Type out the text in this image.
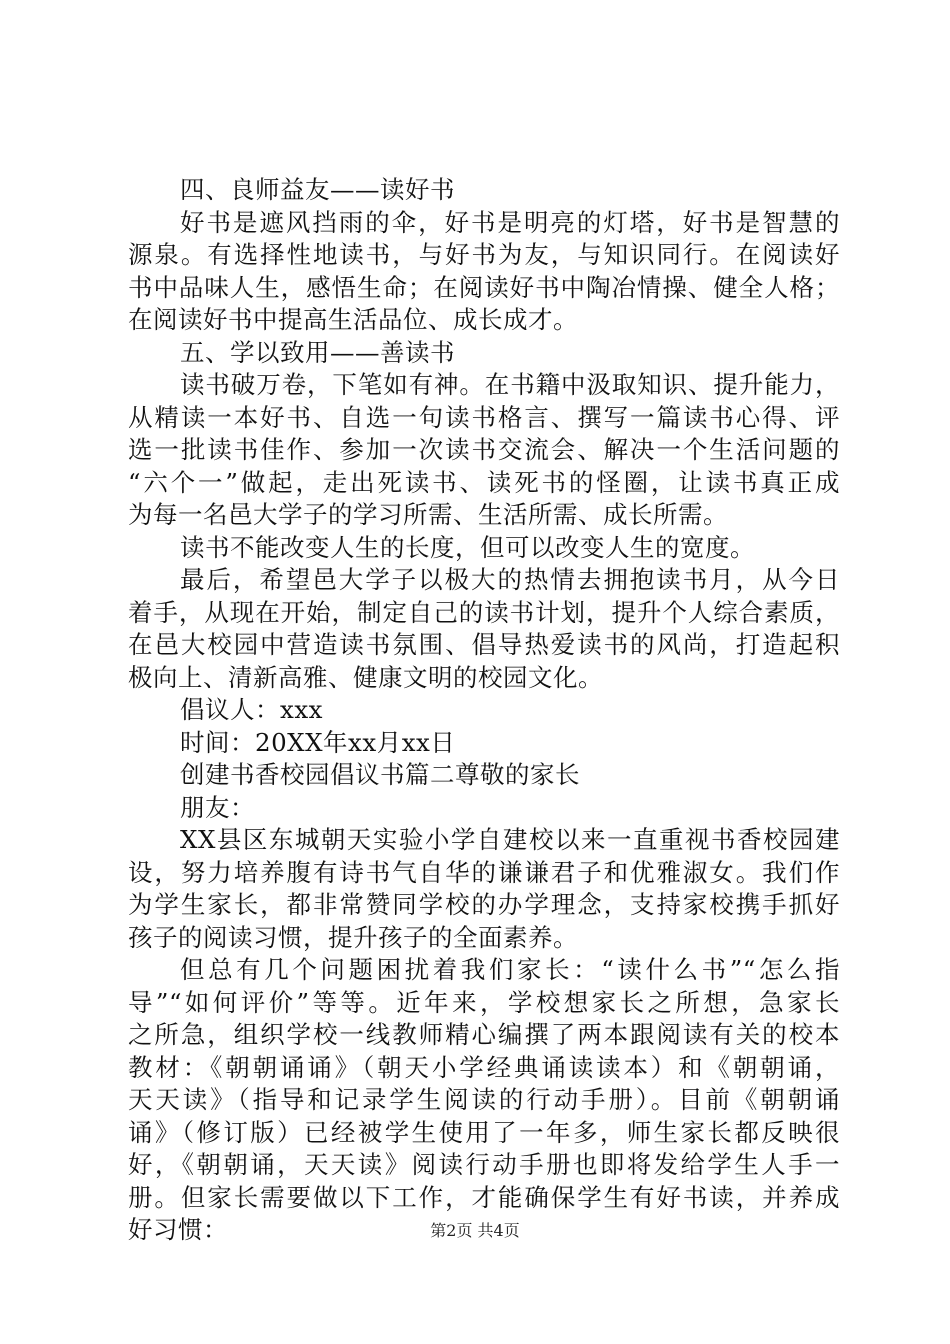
四、良师益友——读好书
好书是遮风挡雨的伞，好书是明亮的灯塔，好书是智慧的
源泉。有选择性地读书，与好书为友，与知识同行。在阅读好
书中品味人生，感悟生命；在阅读好书中陶冶情操、健全人格；
在阅读好书中提高生活品位、成长成才。
五、学以致用——善读书
读书破万卷，下笔如有神。在书籍中汲取知识、提升能力，
从精读一本好书、自选一句读书格言、撰写一篇读书心得、评
选一批读书佳作、参加一次读书交流会、解决一个生活问题的
“六个一”做起，走出死读书、读死书的怪圈，让读书真正成
为每一名邑大学子的学习所需、生活所需、成长所需。
读书不能改变人生的长度，但可以改变人生的宽度。
最后，希望邑大学子以极大的热情去拥抱读书月，从今日
着手，从现在开始，制定自己的读书计划，提升个人综合素质，
在邑大校园中营造读书氛围、倡导热爱读书的风尚，打造起积
极向上、清新高雅、健康文明的校园文化。
倡议人：xxx
时间：20XX年xx月xx日
创建书香校园倡议书篇二尊敬的家长
朋友：
XX县区东城朝天实验小学自建校以来一直重视书香校园建
设，努力培养腹有诗书气自华的谦谦君子和优雅淑女。我们作
为学生家长，都非常赞同学校的办学理念，支持家校携手抓好
孩子的阅读习惯，提升孩子的全面素养。
但总有几个问题困扰着我们家长：“读什么书”“怎么指
导”“如何评价”等等。近年来，学校想家长之所想，急家长
之所急，组织学校一线教师精心编撰了两本跟阅读有关的校本
教材：《朝朝诵诵》（朝天小学经典诵读读本）和《朝朝诵，
天天读》（指导和记录学生阅读的行动手册）。目前《朝朝诵
诵》（修订版）已经被学生使用了一年多，师生家长都反映很
好，《朝朝诵，天天读》阅读行动手册也即将发给学生人手一
册。但家长需要做以下工作，才能确保学生有好书读，并养成
好习惯：	第2页 共4页
